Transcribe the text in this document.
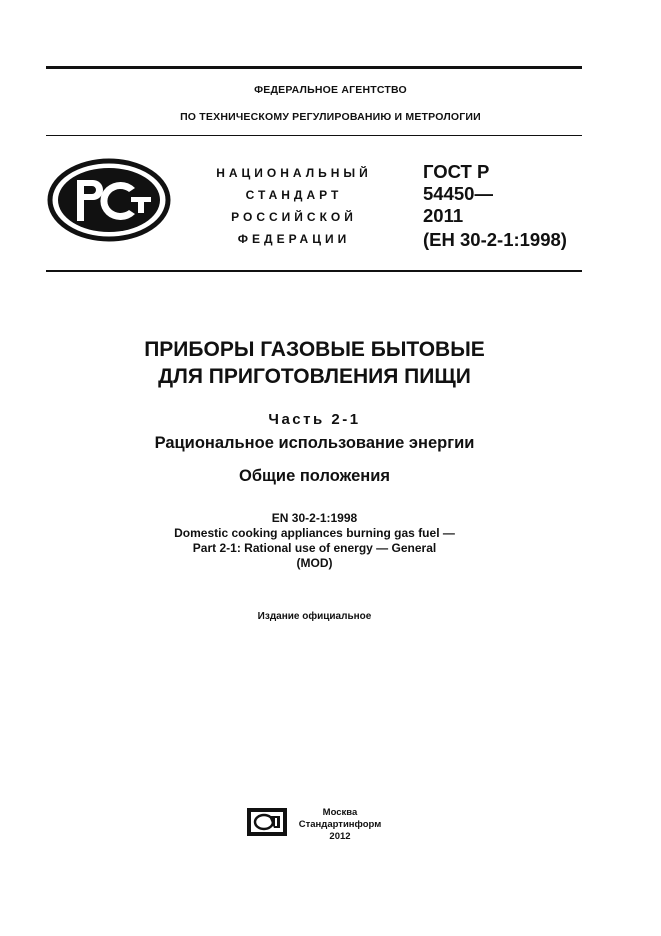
ФЕДЕРАЛЬНОЕ АГЕНТСТВО
ПО ТЕХНИЧЕСКОМУ РЕГУЛИРОВАНИЮ И МЕТРОЛОГИИ
НАЦИОНАЛЬНЫЙ
СТАНДАРТ
РОССИЙСКОЙ
ФЕДЕРАЦИИ
ГОСТ Р
54450—
2011
(ЕН 30-2-1:1998)
ПРИБОРЫ ГАЗОВЫЕ БЫТОВЫЕ
ДЛЯ ПРИГОТОВЛЕНИЯ ПИЩИ
Часть 2-1
Рациональное использование энергии
Общие положения
EN 30-2-1:1998
Domestic cooking appliances burning gas fuel —
Part 2-1: Rational use of energy — General
(MOD)
Издание официальное
Москва
Стандартинформ
2012
